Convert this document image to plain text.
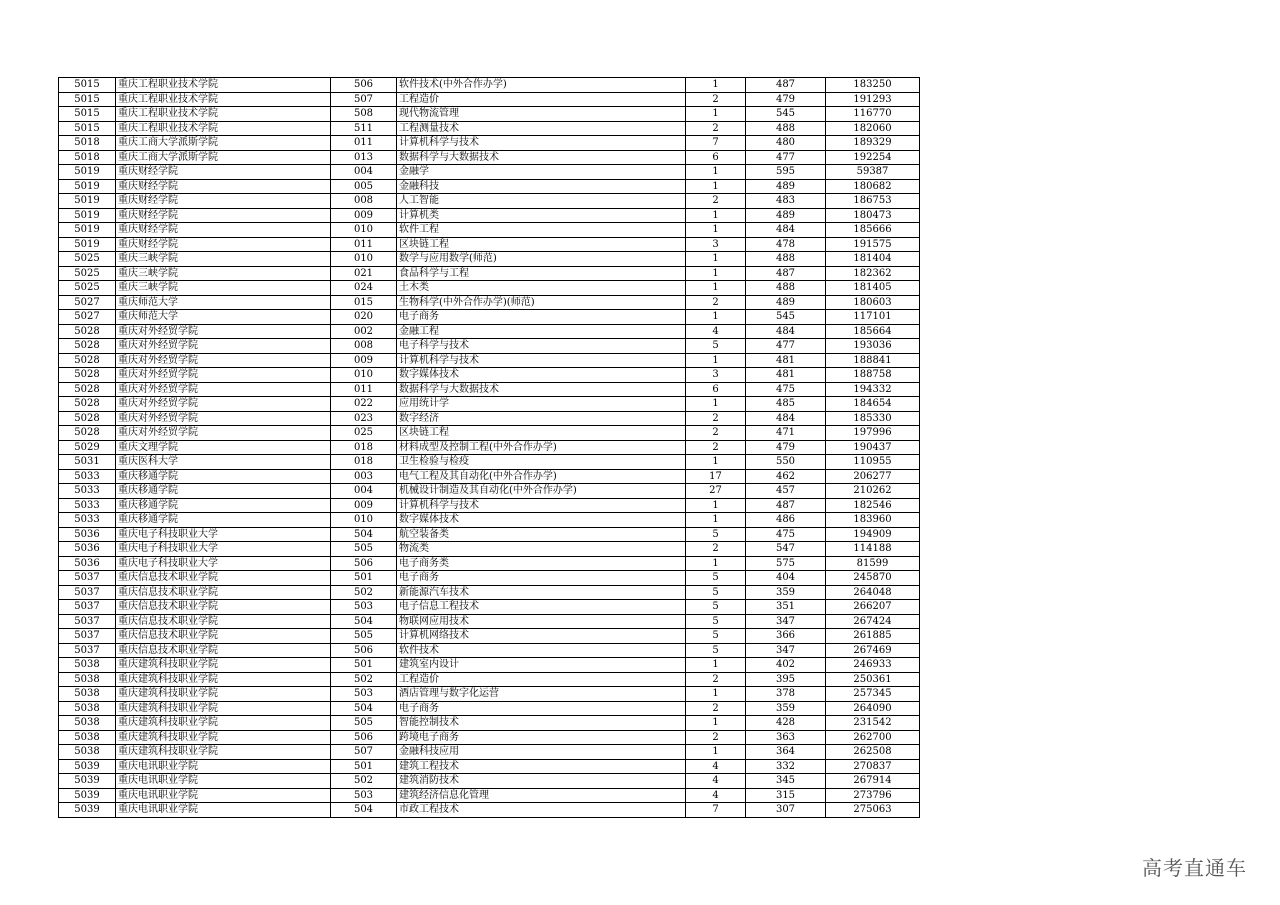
5015	重庆工程职业技术学院	506	软件技术(中外合作办学)	1	487	183250
5015	重庆工程职业技术学院	507	工程造价	2	479	191293
5015	重庆工程职业技术学院	508	现代物流管理	1	545	116770
5015	重庆工程职业技术学院	511	工程测量技术	2	488	182060
5018	重庆工商大学派斯学院	011	计算机科学与技术	7	480	189329
5018	重庆工商大学派斯学院	013	数据科学与大数据技术	6	477	192254
5019	重庆财经学院	004	金融学	1	595	59387
5019	重庆财经学院	005	金融科技	1	489	180682
5019	重庆财经学院	008	人工智能	2	483	186753
5019	重庆财经学院	009	计算机类	1	489	180473
5019	重庆财经学院	010	软件工程	1	484	185666
5019	重庆财经学院	011	区块链工程	3	478	191575
5025	重庆三峡学院	010	数学与应用数学(师范)	1	488	181404
5025	重庆三峡学院	021	食品科学与工程	1	487	182362
5025	重庆三峡学院	024	土木类	1	488	181405
5027	重庆师范大学	015	生物科学(中外合作办学)(师范)	2	489	180603
5027	重庆师范大学	020	电子商务	1	545	117101
5028	重庆对外经贸学院	002	金融工程	4	484	185664
5028	重庆对外经贸学院	008	电子科学与技术	5	477	193036
5028	重庆对外经贸学院	009	计算机科学与技术	1	481	188841
5028	重庆对外经贸学院	010	数字媒体技术	3	481	188758
5028	重庆对外经贸学院	011	数据科学与大数据技术	6	475	194332
5028	重庆对外经贸学院	022	应用统计学	1	485	184654
5028	重庆对外经贸学院	023	数字经济	2	484	185330
5028	重庆对外经贸学院	025	区块链工程	2	471	197996
5029	重庆文理学院	018	材料成型及控制工程(中外合作办学)	2	479	190437
5031	重庆医科大学	018	卫生检验与检疫	1	550	110955
5033	重庆移通学院	003	电气工程及其自动化(中外合作办学)	17	462	206277
5033	重庆移通学院	004	机械设计制造及其自动化(中外合作办学)	27	457	210262
5033	重庆移通学院	009	计算机科学与技术	1	487	182546
5033	重庆移通学院	010	数字媒体技术	1	486	183960
5036	重庆电子科技职业大学	504	航空装备类	5	475	194909
5036	重庆电子科技职业大学	505	物流类	2	547	114188
5036	重庆电子科技职业大学	506	电子商务类	1	575	81599
5037	重庆信息技术职业学院	501	电子商务	5	404	245870
5037	重庆信息技术职业学院	502	新能源汽车技术	5	359	264048
5037	重庆信息技术职业学院	503	电子信息工程技术	5	351	266207
5037	重庆信息技术职业学院	504	物联网应用技术	5	347	267424
5037	重庆信息技术职业学院	505	计算机网络技术	5	366	261885
5037	重庆信息技术职业学院	506	软件技术	5	347	267469
5038	重庆建筑科技职业学院	501	建筑室内设计	1	402	246933
5038	重庆建筑科技职业学院	502	工程造价	2	395	250361
5038	重庆建筑科技职业学院	503	酒店管理与数字化运营	1	378	257345
5038	重庆建筑科技职业学院	504	电子商务	2	359	264090
5038	重庆建筑科技职业学院	505	智能控制技术	1	428	231542
5038	重庆建筑科技职业学院	506	跨境电子商务	2	363	262700
5038	重庆建筑科技职业学院	507	金融科技应用	1	364	262508
5039	重庆电讯职业学院	501	建筑工程技术	4	332	270837
5039	重庆电讯职业学院	502	建筑消防技术	4	345	267914
5039	重庆电讯职业学院	503	建筑经济信息化管理	4	315	273796
5039	重庆电讯职业学院	504	市政工程技术	7	307	275063
高考直通车
